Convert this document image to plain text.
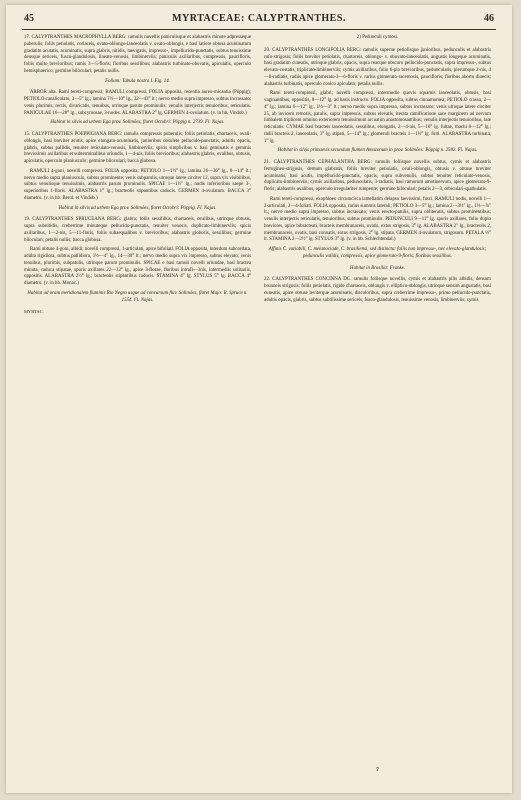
45	MYRTACEAE: CALYPTRANTHES.	46

17. CALYPTRANTHES MACROPHYLLA BERG: ramulis novellis paniculisque et alabastris minute adpresseque puberulis; foliis petiolatis, coriaceis, ovato-oblongo-lanceolatis v. ovato-oblongis, e basi latiore obtusa acuminatum gradatim acutatis, acuminatis, supra glabris, nitidis, laevigatis, impresso-, impellucido-punctatis, subtus tenuissime densque sericeis, fusco-glandulosis, lineato-venosis, limbinerviis; paniculis axillaribus, compressis, paucifloris, foliis multo brevioribus; ramis 3—5-floris; floribus sessilibus; alabastris turbinato-obovatis, apiculatis, operculo hemisphaerico; germine biloculari; petalis nullis.

Folium: Tabula nostra I. Fig. 14.

ARBOR alta. Rami tereti-compressi; RAMULI compressi. FOLIA opposita, recentia aureo-micantia (Pöppig); PETIOLO canaliculato, 3—5‴ lg.; lamina 7½—10‴ lg., 32—43‴ lt.; nervo medio supra impresso, subtus incrassato; venis plurimis, rectis, divaricatis, tenuibus, utrinque parum prominulis; venulis interjectis tenuioribus, reticulatis. PANICULAE 16—28‴ lg., subcymosae, 3-nodes. ALABASTRA 2‴ lg. GERMEN 4-ovulatum. (v. in hb. Vindob.)

Habitat in silvis ad urbem Ega prov. Solimões, floret Octobri: Pöppig n. 2739. Fl. Najas.

15. CALYPTRANTHES POEPPIGIANA BERG: ramulis compressis puberulis; foliis petiolatis, chartaceis, ovali-oblongis, basi breviter acutis, apice elongato-acuminatis, junioribus obsolete pellucido-punctatis, adultis opacis, glabris, subtus pallidis, tenuiter reticulato-venosis, limbinerviis; spicis simplicibus v. basi geminatis e gemmis brevissimis axillaribus et subterminalibus oriundis, 1—4-nis, foliis brevioribus; alabastris glabris, ovalibus, obtusis, apiculatis, operculo planiuscuIo; germine biloculari; bacca globosa.

RAMULI 4-goni, novelli compressi. FOLIA opposita; PETIOLO 1—1½‴ lg.; lamina 26—36‴ lg., 8—14‴ lt.; nervo medio supra planiusculo, subtus prominente; venis subpatulis, utroque latere circiter 12, supra vix visibilibus, subtus venulisque tenuissimis, alabastris parum prominulis. SPICAE 1—1½″ lg.; nodis inferioribus saepe 3-, superioribus 1-floris. ALABASTRA 1‴ lg.; bracteolis stipantibus caducis. GERMEN 4-ovulatum. BACCA 3‴ diametro. (v. in hb. Berol. et Vindob.)

Habitat in silvis ad urbem Ega prov. Solimões, floret Octobri: Pöppig. Fl. Najas.

19. CALYPTRANTHES SPRUCEANA BERG: glabra; foliis sessilibus, chartaceis, ovalibus, utrinque obtusis, supra subnitidis, creberrime minuteque pellucido-punctatis, tenuiter venosis, duplicato-limbinerviis; spicis axillaribus, 1—2-nis, 5—11-floris, foliis subaequalibus v. brevioribus; alabastris globosis, sessilibus; germine biloculari; petalis nullis; bacca globosa.

Rami obtuse 4-goni, albidi; novelli compressi, 1-articulati, apice bifoliati. FOLIA opposita, interdum subcordata, adulta rigidiora, subtus pallidiora, 1½—4″ lg., 14—30‴ lt.; nervo medio supra vix impresso, subtus elevato; venis tenuibus, plurimis, subpatulis, utrinque parum prominulis. SPICAE e basi ramuli novelli oriundae, basi bractea minuta, caduca stipatae, sporis axillares 22—32‴ lg., apice 3-florae, floribus intrafl—3nis, intermediis solitariis, oppositis. ALABASTRA 2½‴ lg.; bracteolis stipantibus caducis. STAMINA 4‴ lg. STYLUS 5‴ lg. BACCA 4‴ diametro. (v. in hb. Monac.)

Habitat ad oram meridionalem fluminis Rio Negro usque ad concursum fluv. Solimões, floret Majo: R. Spruce n. 1554. Fl. Najas.

MYRTAC.

2) Pedunculi cymosi.

20. CALYPTRANTHES LONGIFOLIA BERG: ramulis superne petiolisque junioribus, pedunculis et alabastris rufo-strigosis; foliis breviter petiolatis, chartaceis, oblongo- v. obovato-lanceolatis, angustis longeque acuminatis, basi gradatim cuneatis, utrinque glabris, opacis, supra reacque obscuro pellucido-punctatis, supra impresso-, subtus elevato-costatis, triplicato-limbinerviis; cymis axillaribus, folio 6-plo brevioribus, pedunculatis, plerumque 2-nis, 4—8-radiatis, radiis apice glomerato-3—6-floris v. rarius glomerato-racemosis, paucifloris; floribus abortu dioecis; alabastris turbinatis, operculo conico apiculato; petalis nullis.

Rami tereti-compressi, glabri; novelli compressi, intermodio quovis squamis lanceolatis, obtusis, basi vaginantibus, oppositis, 8—12‴ lg. ad basis instructo. FOLIA opposita, subtus cinnamomea; PETIOLO crasso, 2—4‴ lg.; lamina 6—12″ lg., 1⅓—3″ lt.; nervo medio supra impresso, subtus incrassato; venis utroque latere circiter 25, ab invicem remotis, patulis, supra impressis, subtus elevatis, iterata ramificatione sace marginem ad nervum limbalem triplicem omnino exteriorem tenuissimum arcuatim anastomosantibus; venulis interjectis tenuioribus, late reticulatis. CYMAE basi bracteis lanceolatis, sessilibus, elongatis, 2—4-nis, 5—10‴ lg. fultae, rhachi 8—12‴ lg.; radii bracteis 2, lanceolatis, 3‴ lg. stipati, 5—14‴ lg.; glomeruli bracteis 1—1½‴ lg. fulti. ALABASTRA turbinata, 1‴ lg.

Habitat in silvis primaevis secundum flumen Amazonum in prov. Solimões: Pöppig n. 2582. Fl. Najas.

21. CALYPTRANTHES CEPHALANTHA BERG: ramulis foliisque novellis subtus, cymis et alabastris ferrugineo-strigosis, demum glabratis; foliis breviter petiolatis, ovali-oblongis, obtusis v. obtuse breviter acuminatis, basi acutis, impellucido-punctatis, opacis, supra subvenulis, subtus tenuiter reticulato-venosis, duplicato-limbinerviis; cymis axillaribus, pedunculatis, 3-radiatis, basi ramorum amotinervum, apice glomerato-9-floris; alabastris ovalibus, operculo irregulariter rumpente; germine biloculari; petalis 2—3, orbiculari-spathulatis.

Rami tereti-compressi, exophloeo circumcirca lamellatim delapso laevissimi, fusci, RAMULI nodis, novelli 1—2-articulati, 2—4-foliati. FOLIA opposita, rarius summis laterali; PETIOLO 3—5‴ lg.; lamina 2—3⅓″ lg., 1⅓—⅞″ lt.; nervo medio supra impresso, subtus incrassato; venis erecto-patulis, supra obliteratis, subtus prominentibus; venulis interjectis reticulatis, tenuioribus, subtus prominulis. PEDUNCULI 9—11‴ lg. sporis axillares, folio duplo breviores, apice bibracteati, bracteis membranaceis, ovatis, extus strigosis, 3‴ lg. ALABASTRA 2″ lg., bracteolis 2, membranaceis, ovatis, basi connatis, extus strigosis, 2‴ lg. stipata. GERMEN 4-ovulatum, strigosum. PETALA ⅓‴ lt. STAMINA 2—2½‴ lg. STYLUS 3‴ lg. (v. in hb. Schlechtendal.)

Affinis C. variabili, C. melanoclade, C. brasiliensi, sed distincta: foliis non impresso-, nec elevato-glandulosis; pedunculis validis, compressis, apice glomerato-9-floris; floribus sessilibus.

Habitat in Brasilia: Franke.

22. CALYPTRANTHES CONCINNA DC. ramulis foliisque novellis, cymis et alabastris pilis albidis, densum brunneis strigosis; foliis petiolatis, rigide chartaceis, oblongis v. elliptico-oblongis, utrinque sensim angustatis, basi cuneatis, apice obtuse leviterque acuminatis, discoloribus, supra creberrime impresso-, primo pellucido-punctatis, adultis opacis, glabris, subtus subtilissime sericeis, fusco-glandulosis, tenuissime venosis, limbinerviis; cymis

7
